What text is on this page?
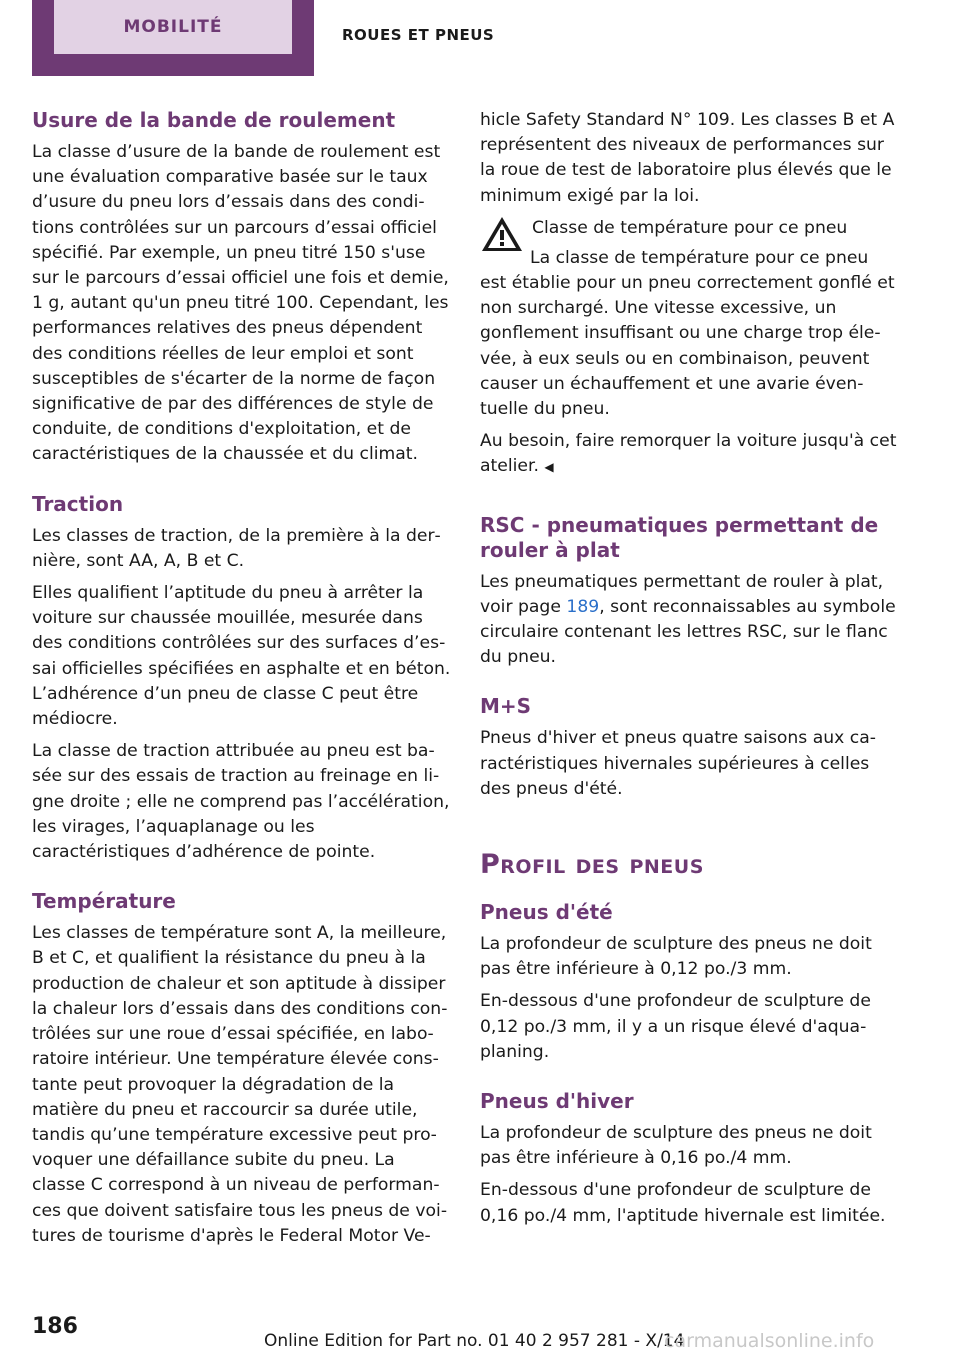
MOBILITÉ	ROUES ET PNEUS
Usure de la bande de roulement

La classe d’usure de la bande de roulement est une évaluation comparative basée sur le taux d’usure du pneu lors d’essais dans des conditions contrôlées sur un parcours d’essai officiel spécifié. Par exemple, un pneu titré 150 s'use sur le parcours d’essai officiel une fois et demie, 1 g, autant qu'un pneu titré 100. Cependant, les performances relatives des pneus dépendent des conditions réelles de leur emploi et sont susceptibles de s'écarter de la norme de façon significative de par des différences de style de conduite, de conditions d'exploitation, et de caractéristiques de la chaussée et du climat.

Traction

Les classes de traction, de la première à la dernière, sont AA, A, B et C.

Elles qualifient l’aptitude du pneu à arrêter la voiture sur chaussée mouillée, mesurée dans des conditions contrôlées sur des surfaces d’essai officielles spécifiées en asphalte et en béton. L’adhérence d’un pneu de classe C peut être médiocre.

La classe de traction attribuée au pneu est basée sur des essais de traction au freinage en ligne droite ; elle ne comprend pas l’accélération, les virages, l’aquaplanage ou les caractéristiques d’adhérence de pointe.

Température

Les classes de température sont A, la meilleure, B et C, et qualifient la résistance du pneu à la production de chaleur et son aptitude à dissiper la chaleur lors d’essais dans des conditions contrôlées sur une roue d’essai spécifiée, en laboratoire intérieur. Une température élevée constante peut provoquer la dégradation de la matière du pneu et raccourcir sa durée utile, tandis qu’une température excessive peut provoquer une défaillance subite du pneu. La classe C correspond à un niveau de performances que doivent satisfaire tous les pneus de voitures de tourisme d'après le Federal Motor Ve-

hicle Safety Standard N° 109. Les classes B et A représentent des niveaux de performances sur la roue de test de laboratoire plus élevés que le minimum exigé par la loi.

Classe de température pour ce pneu

La classe de température pour ce pneu est établie pour un pneu correctement gonflé et non surchargé. Une vitesse excessive, un gonflement insuffisant ou une charge trop élevée, à eux seuls ou en combinaison, peuvent causer un échauffement et une avarie éventuelle du pneu.

Au besoin, faire remorquer la voiture jusqu'à cet atelier. ◀

RSC - pneumatiques permettant de rouler à plat

Les pneumatiques permettant de rouler à plat, voir page 189, sont reconnaissables au symbole circulaire contenant les lettres RSC, sur le flanc du pneu.

M+S

Pneus d'hiver et pneus quatre saisons aux caractéristiques hivernales supérieures à celles des pneus d'été.

Profil des pneus
Pneus d'été

La profondeur de sculpture des pneus ne doit pas être inférieure à 0,12 po./3 mm.

En-dessous d'une profondeur de sculpture de 0,12 po./3 mm, il y a un risque élevé d'aquaplaning.

Pneus d'hiver

La profondeur de sculpture des pneus ne doit pas être inférieure à 0,16 po./4 mm.

En-dessous d'une profondeur de sculpture de 0,16 po./4 mm, l'aptitude hivernale est limitée.

186
Online Edition for Part no. 01 40 2 957 281 - X/14
carmanualsonline.info
